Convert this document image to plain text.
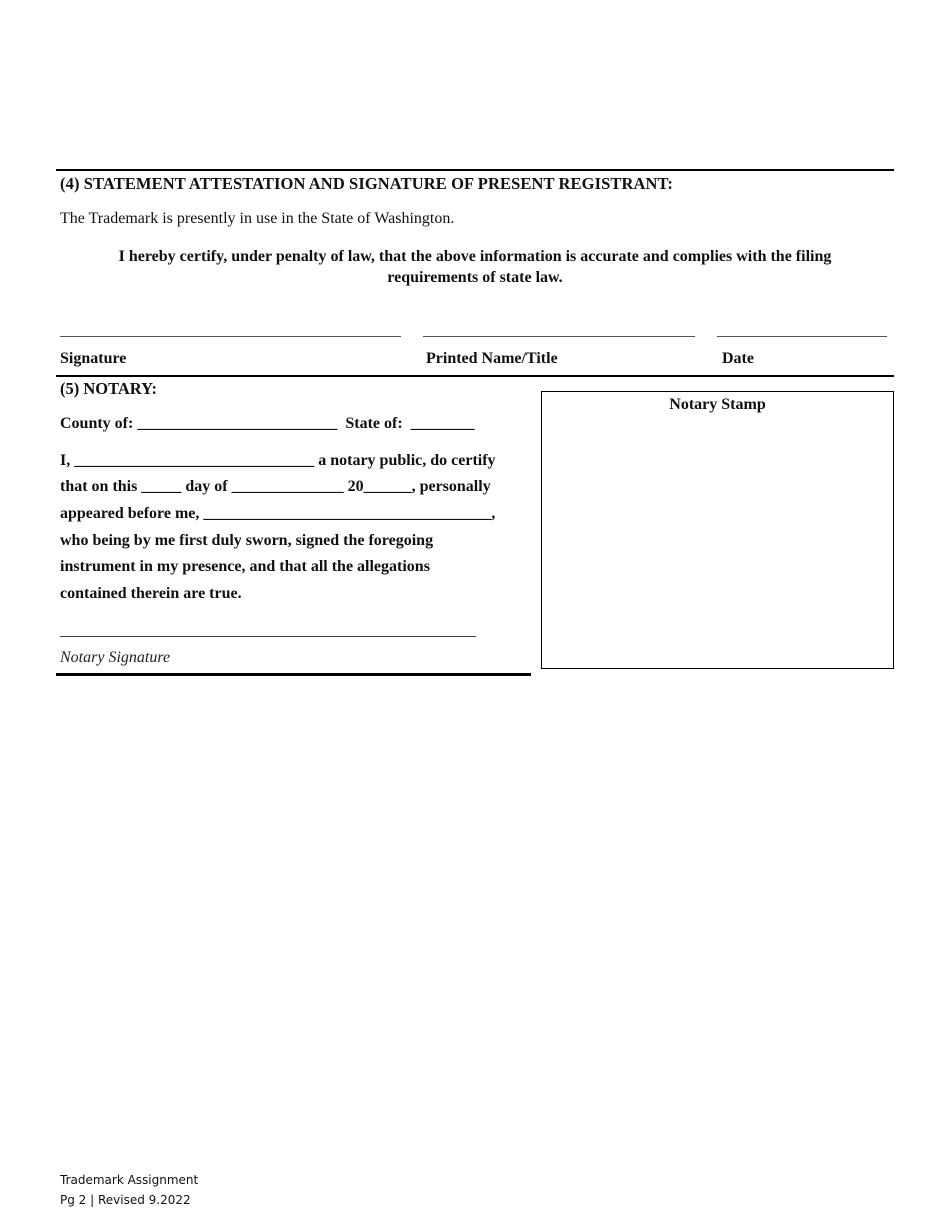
(4) STATEMENT ATTESTATION AND SIGNATURE OF PRESENT REGISTRANT:
The Trademark is presently in use in the State of Washington.
I hereby certify, under penalty of law, that the above information is accurate and complies with the filing
requirements of state law.
Signature	Printed Name/Title	Date
(5) NOTARY:
County of: _________________________  State of:  ________
I, ______________________________ a notary public, do certify
that on this _____ day of ______________ 20______, personally
appeared before me, ____________________________________,
who being by me first duly sworn, signed the foregoing
instrument in my presence, and that all the allegations
contained therein are true.
____________________________________________________
Notary Signature
Notary Stamp
Trademark Assignment
Pg 2 | Revised 9.2022
